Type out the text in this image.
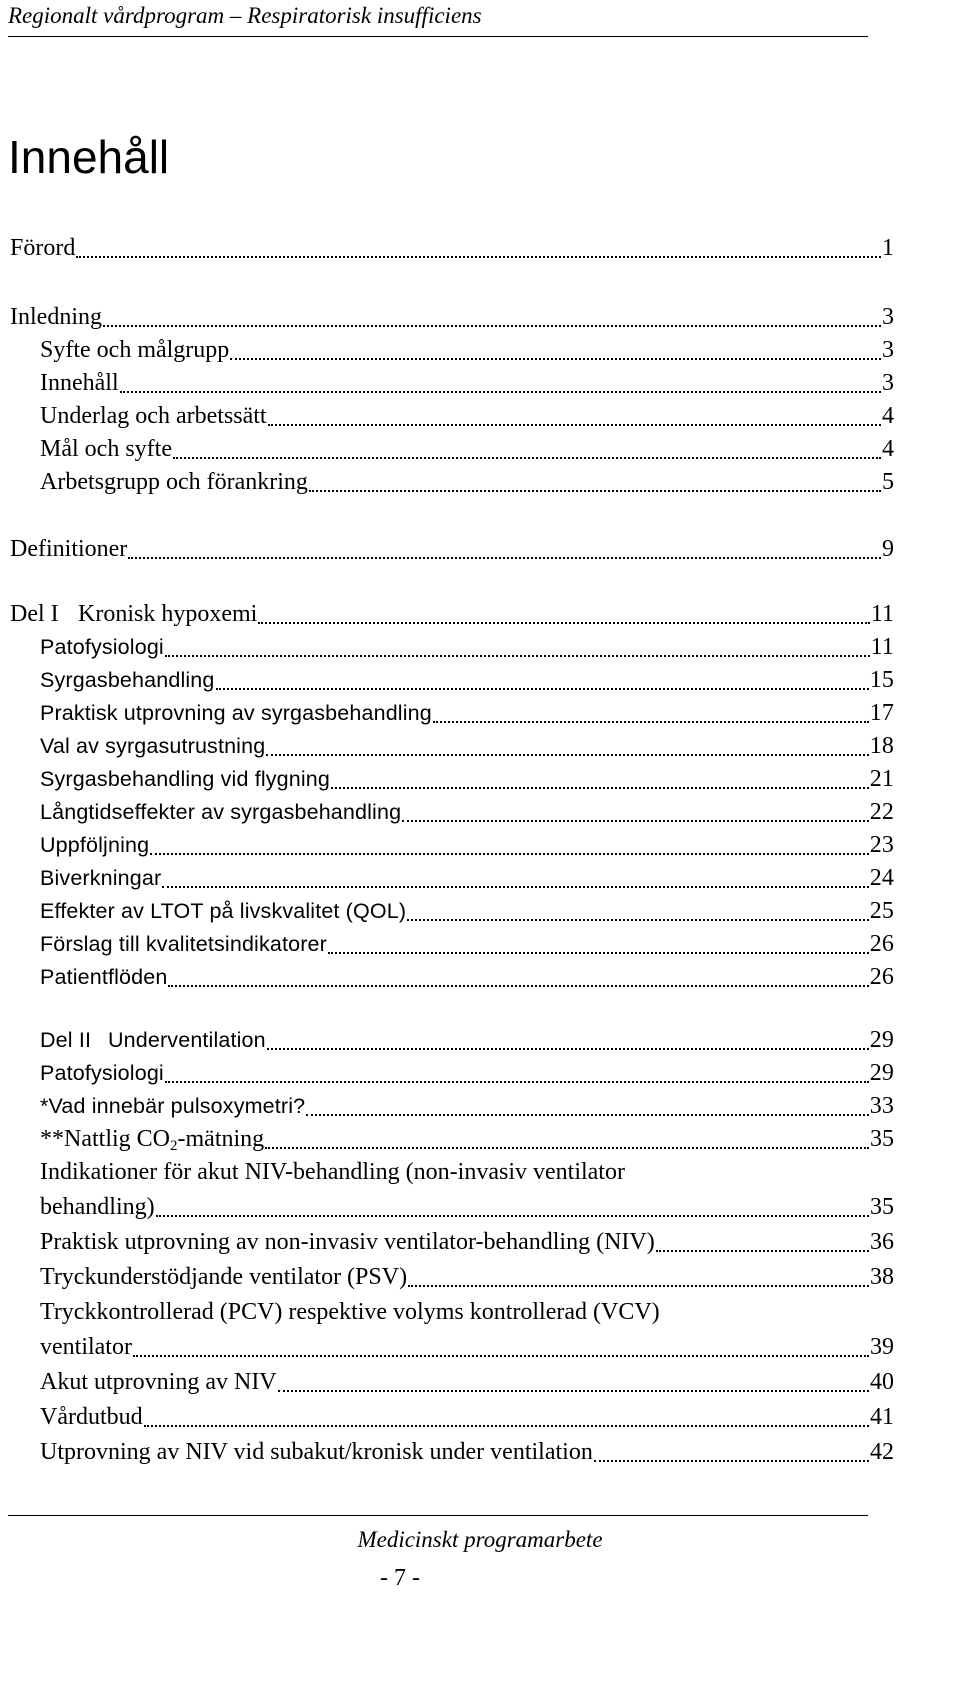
Regionalt vårdprogram – Respiratorisk insufficiens
Innehåll
Förord	1
Inledning	3
Syfte och målgrupp	3
Innehåll	3
Underlag och arbetssätt	4
Mål och syfte	4
Arbetsgrupp och förankring	5
Definitioner	9
Del I Kronisk hypoxemi	11
Patofysiologi	11
Syrgasbehandling	15
Praktisk utprovning av syrgasbehandling	17
Val av syrgasutrustning	18
Syrgasbehandling vid flygning	21
Långtidseffekter av syrgasbehandling	22
Uppföljning	23
Biverkningar	24
Effekter av LTOT på livskvalitet (QOL)	25
Förslag till kvalitetsindikatorer	26
Patientflöden	26
Del II Underventilation	29
Patofysiologi	29
*Vad innebär pulsoxymetri?	33
**Nattlig $CO_2$-mätning	35
Indikationer för akut NIV-behandling (non-invasiv ventilator
behandling)	35
Praktisk utprovning av non-invasiv ventilator-behandling (NIV)	36
Tryckunderstödjande ventilator (PSV)	38
Tryckkontrollerad (PCV) respektive volyms kontrollerad (VCV)
ventilator	39
Akut utprovning av NIV	40
Vårdutbud	41
Utprovning av NIV vid subakut/kronisk under ventilation	42
Medicinskt programarbete
- 7 -
